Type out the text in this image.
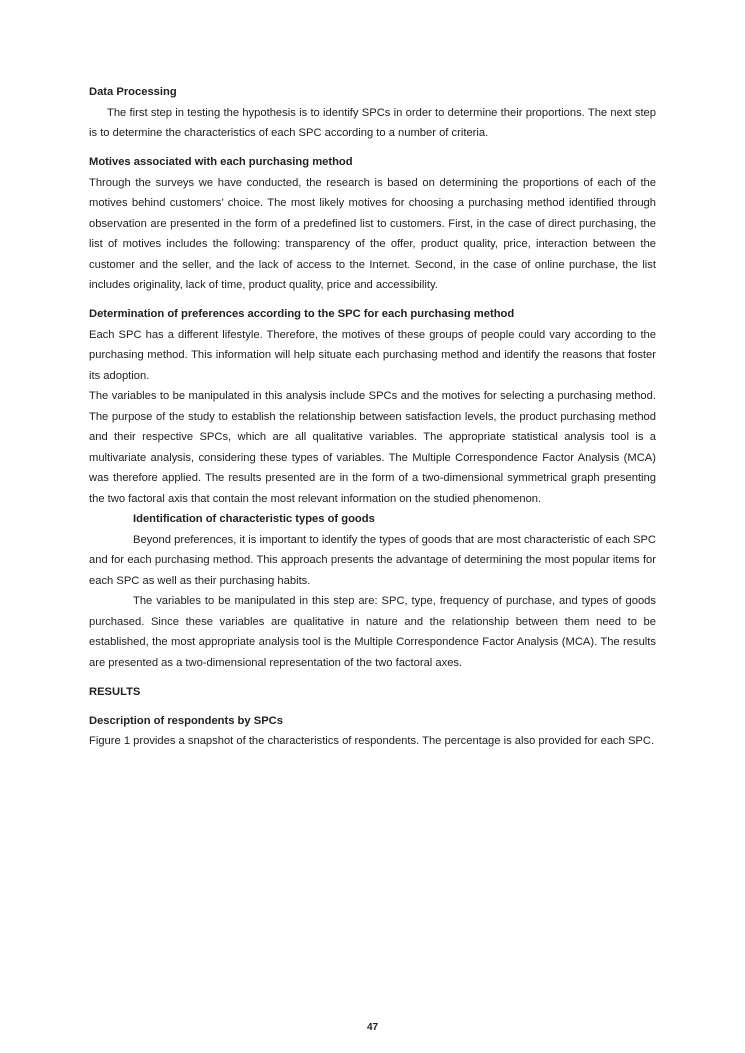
Data Processing

The first step in testing the hypothesis is to identify SPCs in order to determine their proportions. The next step is to determine the characteristics of each SPC according to a number of criteria.

Motives associated with each purchasing method

Through the surveys we have conducted, the research is based on determining the proportions of each of the motives behind customers’ choice. The most likely motives for choosing a purchasing method identified through observation are presented in the form of a predefined list to customers. First, in the case of direct purchasing, the list of motives includes the following: transparency of the offer, product quality, price, interaction between the customer and the seller, and the lack of access to the Internet. Second, in the case of online purchase, the list includes originality, lack of time, product quality, price and accessibility.

Determination of preferences according to the SPC for each purchasing method

Each SPC has a different lifestyle. Therefore, the motives of these groups of people could vary according to the purchasing method. This information will help situate each purchasing method and identify the reasons that foster its adoption.

The variables to be manipulated in this analysis include SPCs and the motives for selecting a purchasing method. The purpose of the study to establish the relationship between satisfaction levels, the product purchasing method and their respective SPCs, which are all qualitative variables. The appropriate statistical analysis tool is a multivariate analysis, considering these types of variables. The Multiple Correspondence Factor Analysis (MCA) was therefore applied. The results presented are in the form of a two-dimensional symmetrical graph presenting the two factoral axis that contain the most relevant information on the studied phenomenon.

Identification of characteristic types of goods

Beyond preferences, it is important to identify the types of goods that are most characteristic of each SPC and for each purchasing method. This approach presents the advantage of determining the most popular items for each SPC as well as their purchasing habits.

The variables to be manipulated in this step are: SPC, type, frequency of purchase, and types of goods purchased. Since these variables are qualitative in nature and the relationship between them need to be established, the most appropriate analysis tool is the Multiple Correspondence Factor Analysis (MCA). The results are presented as a two-dimensional representation of the two factoral axes.

RESULTS
Description of respondents by SPCs

Figure 1 provides a snapshot of the characteristics of respondents. The percentage is also provided for each SPC.

47
